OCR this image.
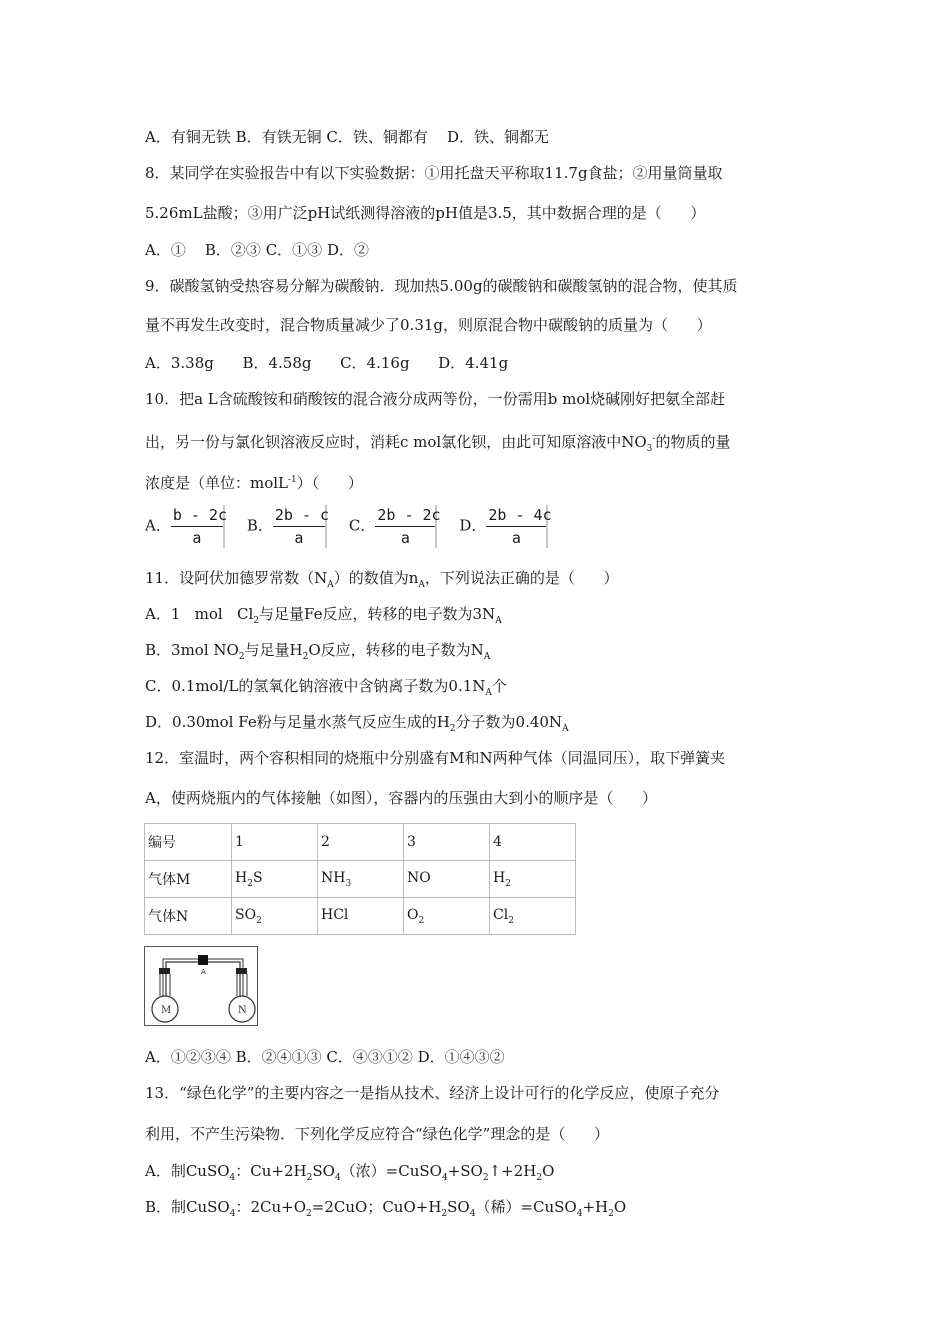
A．有铜无铁 B．有铁无铜 C．铁、铜都有    D．铁、铜都无
8．某同学在实验报告中有以下实验数据：①用托盘天平称取11.7g食盐；②用量筒量取
5.26mL盐酸；③用广泛pH试纸测得溶液的pH值是3.5，其中数据合理的是（      ）
A．①    B．②③ C．①③ D．②
9．碳酸氢钠受热容易分解为碳酸钠．现加热5.00g的碳酸钠和碳酸氢钠的混合物，使其质
量不再发生改变时，混合物质量减少了0.31g，则原混合物中碳酸钠的质量为（      ）
A．3.38g      B．4.58g      C．4.16g      D．4.41g
10．把a L含硫酸铵和硝酸铵的混合液分成两等份，一份需用b mol烧碱刚好把氨全部赶
出，另一份与氯化钡溶液反应时，消耗c mol氯化钡，由此可知原溶液中$NO_3^-$的物质的量
浓度是（单位：molL$^{-1}$）（      ）
A． $\frac{b - 2c}{a}$ B． $\frac{2b - c}{a}$ C． $\frac{2b - 2c}{a}$ D． $\frac{2b - 4c}{a}$
11．设阿伏加德罗常数$(N_A)$的数值为$n_A$，下列说法正确的是（      ）
A．1   mol   $Cl_2$与足量Fe反应，转移的电子数为$3N_A$
B．3mol $NO_2$与足量$H_2O$反应，转移的电子数为$N_A$
C．0.1mol/L的氢氧化钠溶液中含钠离子数为$0.1N_A$个
D．0.30mol Fe粉与足量水蒸气反应生成的$H_2$分子数为$0.40N_A$
12．室温时，两个容积相同的烧瓶中分别盛有M和N两种气体（同温同压），取下弹簧夹
A，使两烧瓶内的气体接触（如图），容器内的压强由大到小的顺序是（      ）
编号	1	2	3	4
气体M	$H_2S$	$NH_3$	NO	$H_2$
气体N	$SO_2$	HCl	$O_2$	$Cl_2$
A
M	N
A．①②③④ B．②④①③ C．④③①② D．①④③②
13．“绿色化学”的主要内容之一是指从技术、经济上设计可行的化学反应，使原子充分
利用，不产生污染物．下列化学反应符合“绿色化学”理念的是（      ）
A．制CuSO$_4$：$Cu+2H_2SO_4$（浓）$=CuSO_4+SO_2↑+2H_2O$
B．制CuSO$_4$：$2Cu+O_2=2CuO$；$CuO+H_2SO_4$（稀）$=CuSO_4+H_2O$
